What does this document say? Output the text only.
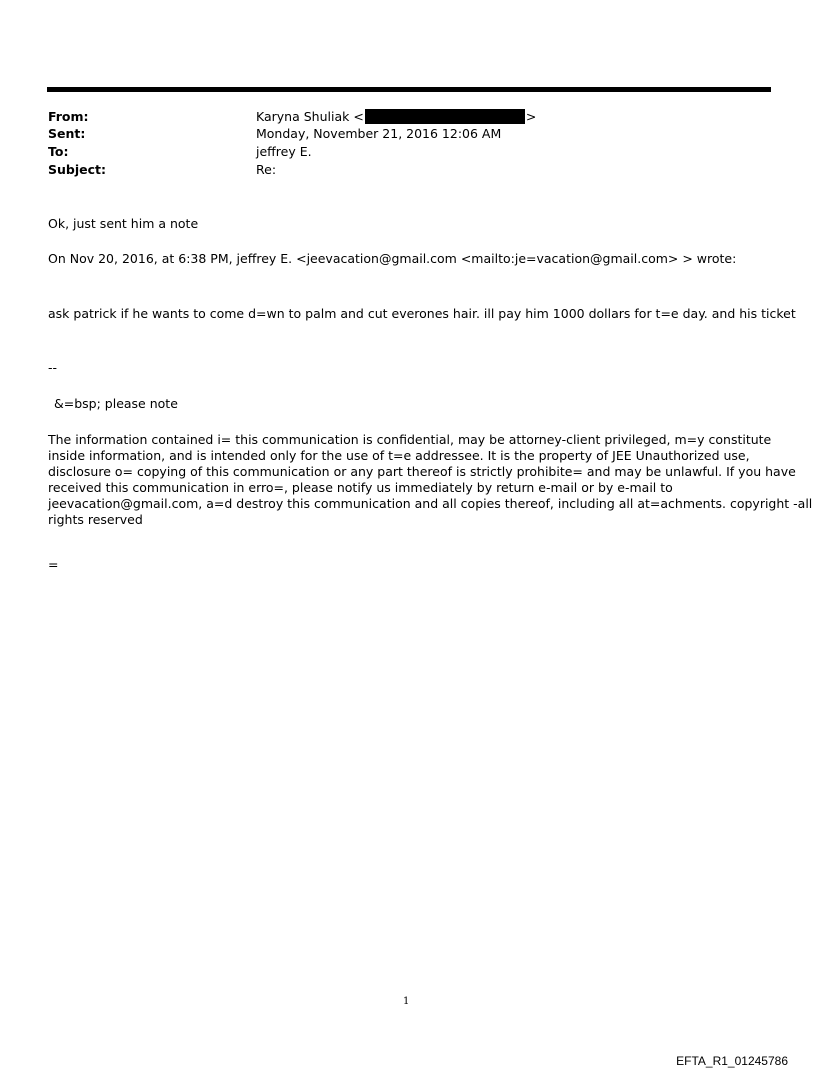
From:	Karyna Shuliak <	>
Sent:	Monday, November 21, 2016 12:06 AM
To:	jeffrey E.
Subject:	Re:
Ok, just sent him a note
On Nov 20, 2016, at 6:38 PM, jeffrey E. <jeevacation@gmail.com <mailto:je=vacation@gmail.com> > wrote:
ask patrick if he wants to come d=wn to palm and cut everones hair. ill pay him 1000 dollars for t=e day. and his ticket
--
&=bsp; please note
The information contained i= this communication is confidential, may be attorney-client privileged, m=y constitute
inside information, and is intended only for the use of t=e addressee. It is the property of JEE Unauthorized use,
disclosure o= copying of this communication or any part thereof is strictly prohibite= and may be unlawful. If you have
received this communication in erro=, please notify us immediately by return e-mail or by e-mail to
jeevacation@gmail.com, a=d destroy this communication and all copies thereof, including all at=achments. copyright -all
rights reserved
=
1
EFTA_R1_01245786
